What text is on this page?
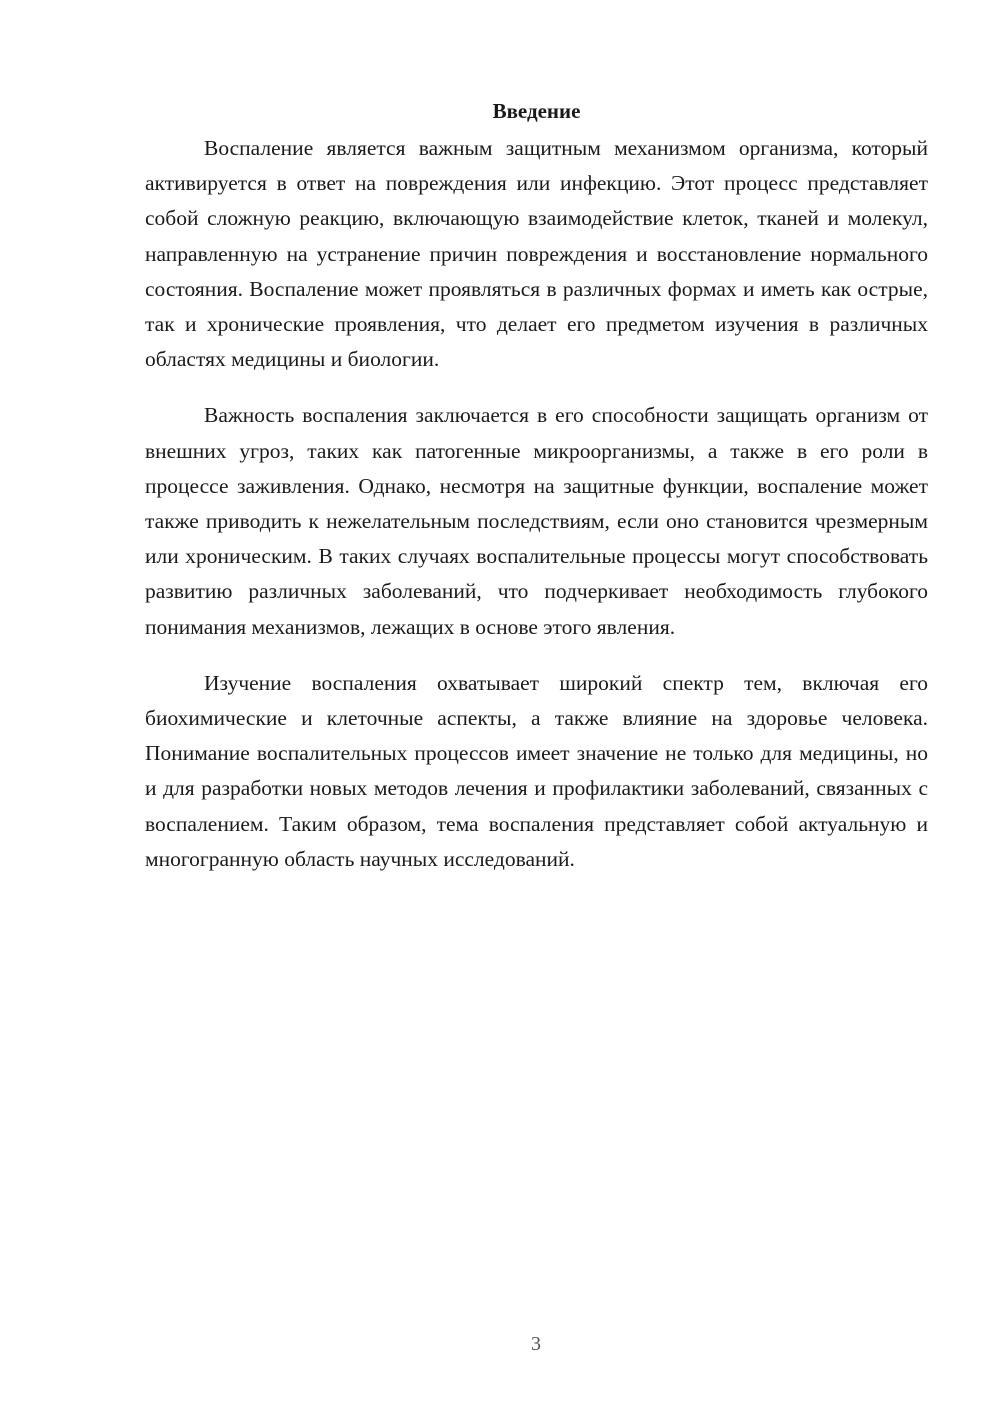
Введение

Воспаление является важным защитным механизмом организма, который активируется в ответ на повреждения или инфекцию. Этот процесс представляет собой сложную реакцию, включающую взаимодействие клеток, тканей и молекул, направленную на устранение причин повреждения и восстановление нормального состояния. Воспаление может проявляться в различных формах и иметь как острые, так и хронические проявления, что делает его предметом изучения в различных областях медицины и биологии.

Важность воспаления заключается в его способности защищать организм от внешних угроз, таких как патогенные микроорганизмы, а также в его роли в процессе заживления. Однако, несмотря на защитные функции, воспаление может также приводить к нежелательным последствиям, если оно становится чрезмерным или хроническим. В таких случаях воспалительные процессы могут способствовать развитию различных заболеваний, что подчеркивает необходимость глубокого понимания механизмов, лежащих в основе этого явления.

Изучение воспаления охватывает широкий спектр тем, включая его биохимические и клеточные аспекты, а также влияние на здоровье человека. Понимание воспалительных процессов имеет значение не только для медицины, но и для разработки новых методов лечения и профилактики заболеваний, связанных с воспалением. Таким образом, тема воспаления представляет собой актуальную и многогранную область научных исследований.

3
